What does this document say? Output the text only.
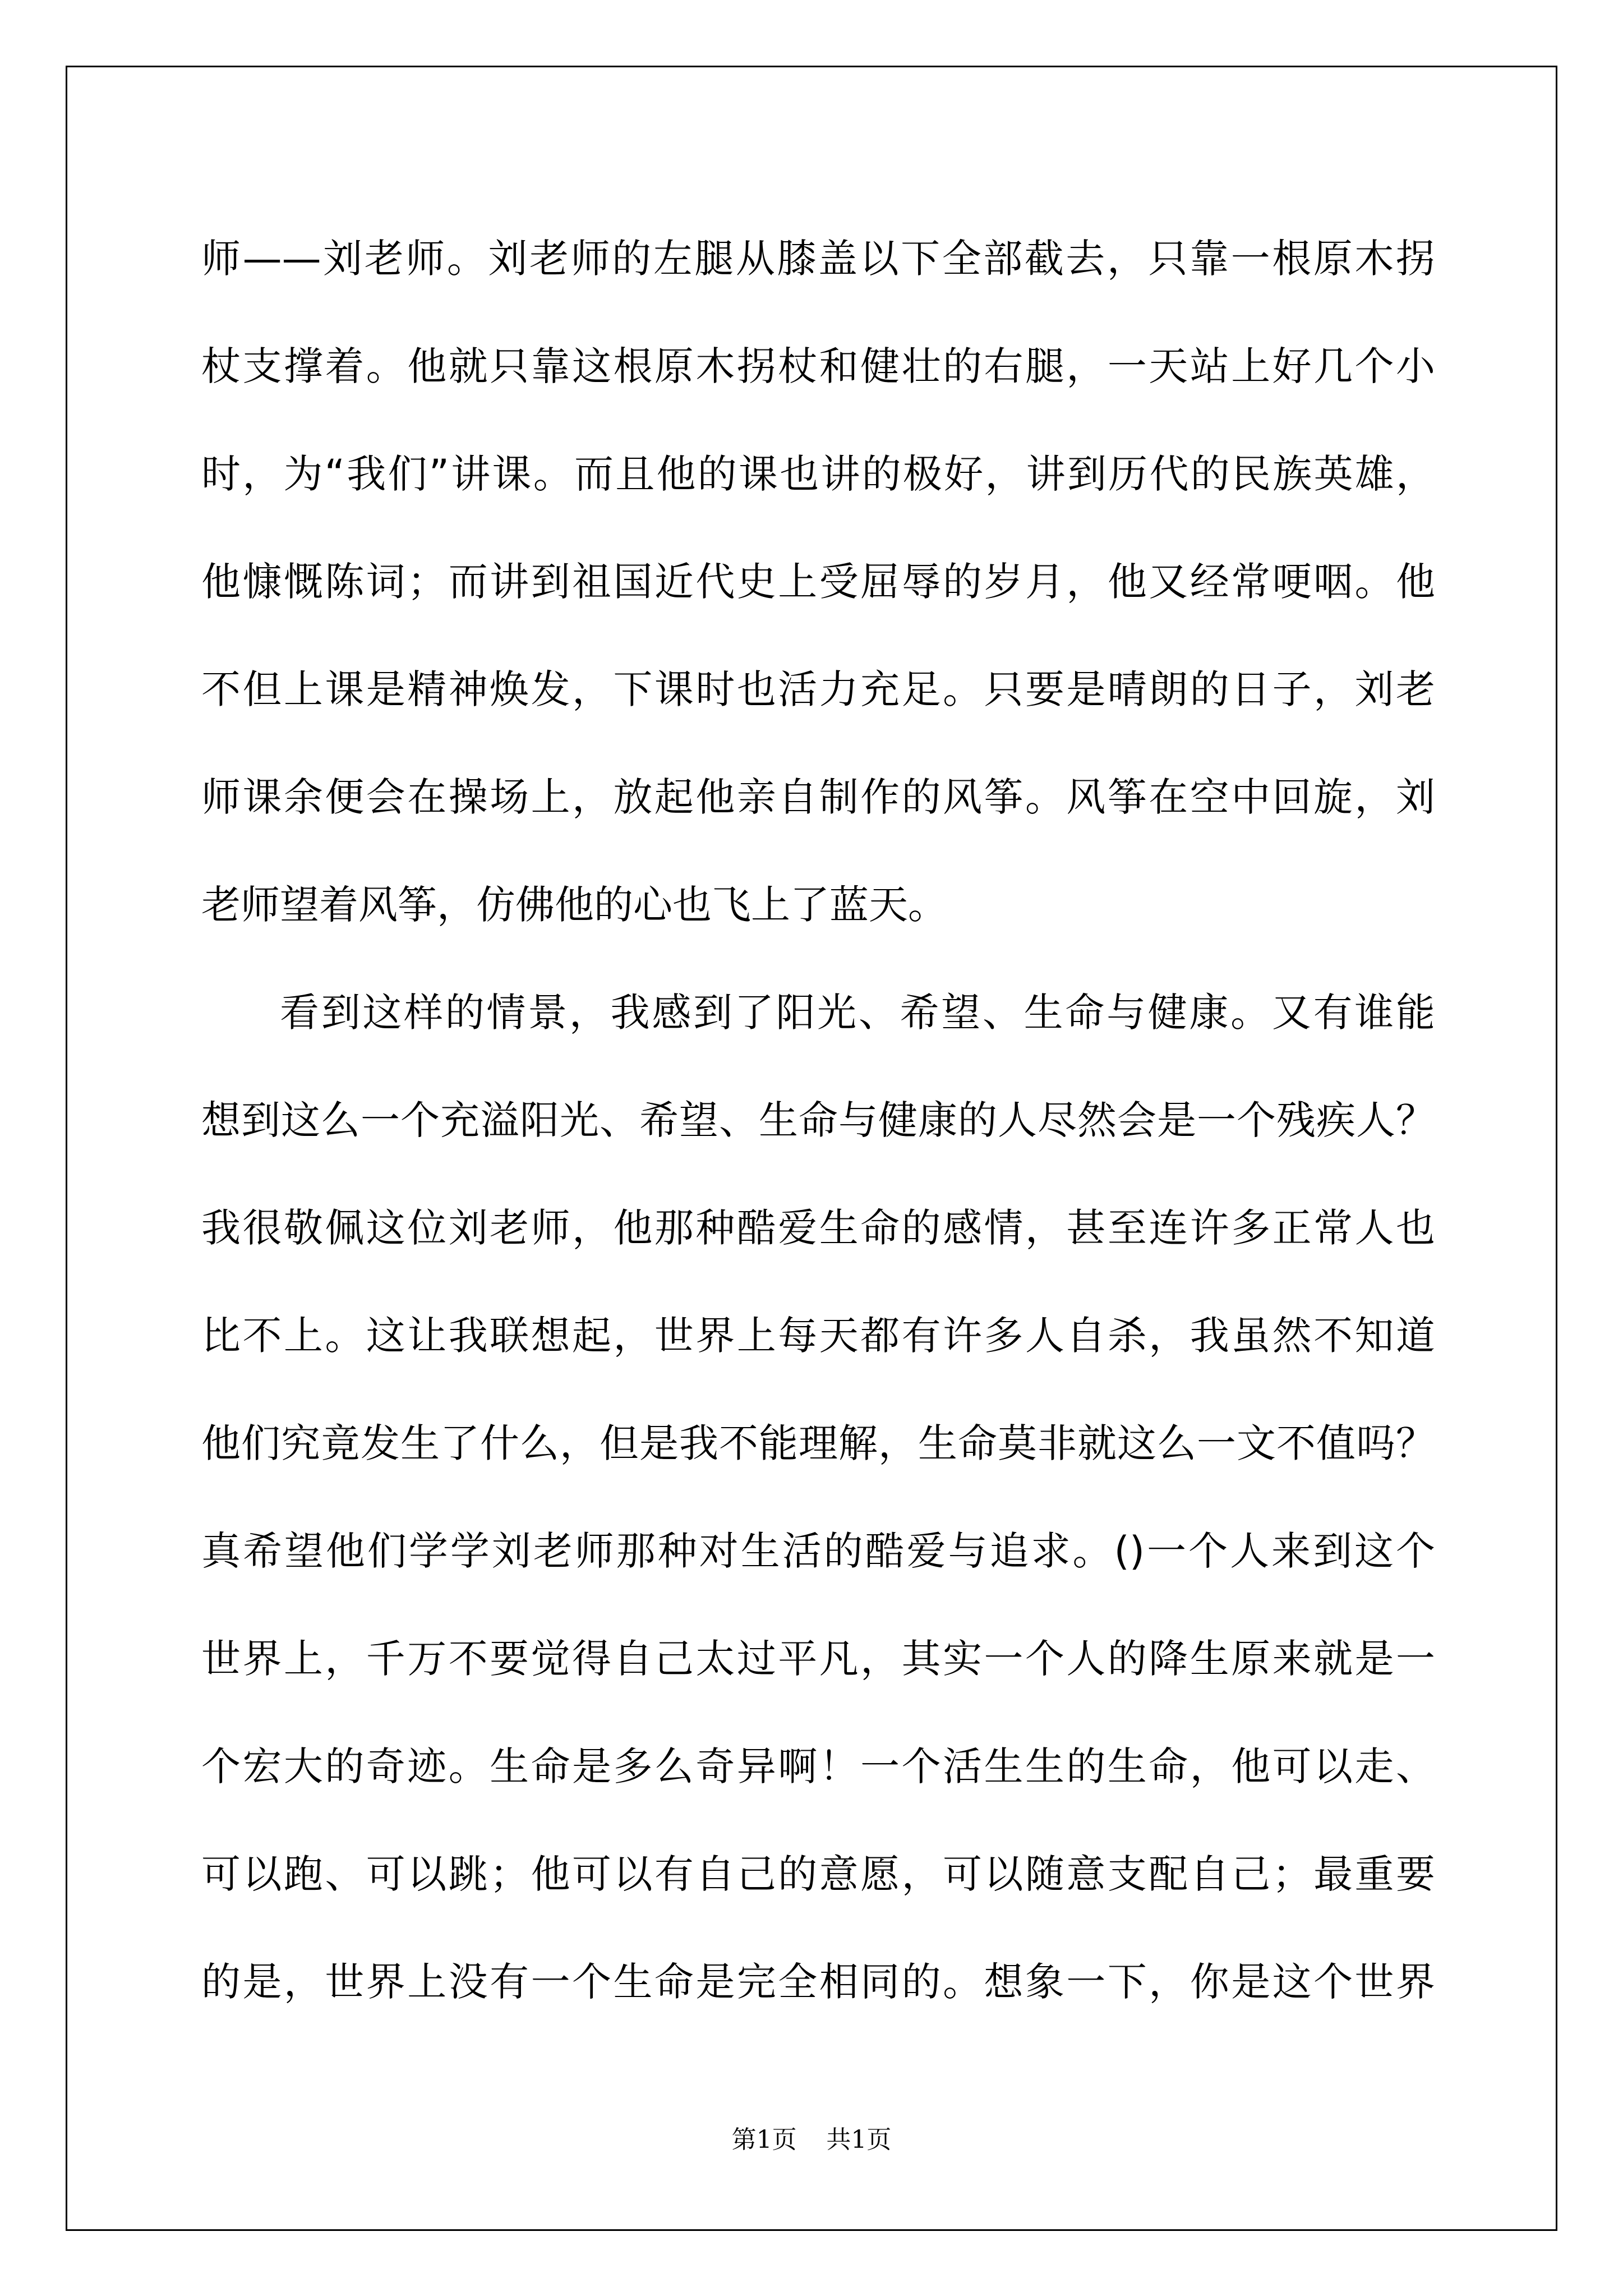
师——刘老师。刘老师的左腿从膝盖以下全部截去，只靠一根原木拐
杖支撑着。他就只靠这根原木拐杖和健壮的右腿，一天站上好几个小
时，为“我们”讲课。而且他的课也讲的极好，讲到历代的民族英雄，
他慷慨陈词；而讲到祖国近代史上受屈辱的岁月，他又经常哽咽。他
不但上课是精神焕发，下课时也活力充足。只要是晴朗的日子，刘老
师课余便会在操场上，放起他亲自制作的风筝。风筝在空中回旋，刘
老师望着风筝，仿佛他的心也飞上了蓝天。
看到这样的情景，我感到了阳光、希望、生命与健康。又有谁能
想到这么一个充溢阳光、希望、生命与健康的人尽然会是一个残疾人？
我很敬佩这位刘老师，他那种酷爱生命的感情，甚至连许多正常人也
比不上。这让我联想起，世界上每天都有许多人自杀，我虽然不知道
他们究竟发生了什么，但是我不能理解，生命莫非就这么一文不值吗？
真希望他们学学刘老师那种对生活的酷爱与追求。()一个人来到这个
世界上，千万不要觉得自己太过平凡，其实一个人的降生原来就是一
个宏大的奇迹。生命是多么奇异啊！一个活生生的生命，他可以走、
可以跑、可以跳；他可以有自己的意愿，可以随意支配自己；最重要
的是，世界上没有一个生命是完全相同的。想象一下，你是这个世界
第1页 共1页
